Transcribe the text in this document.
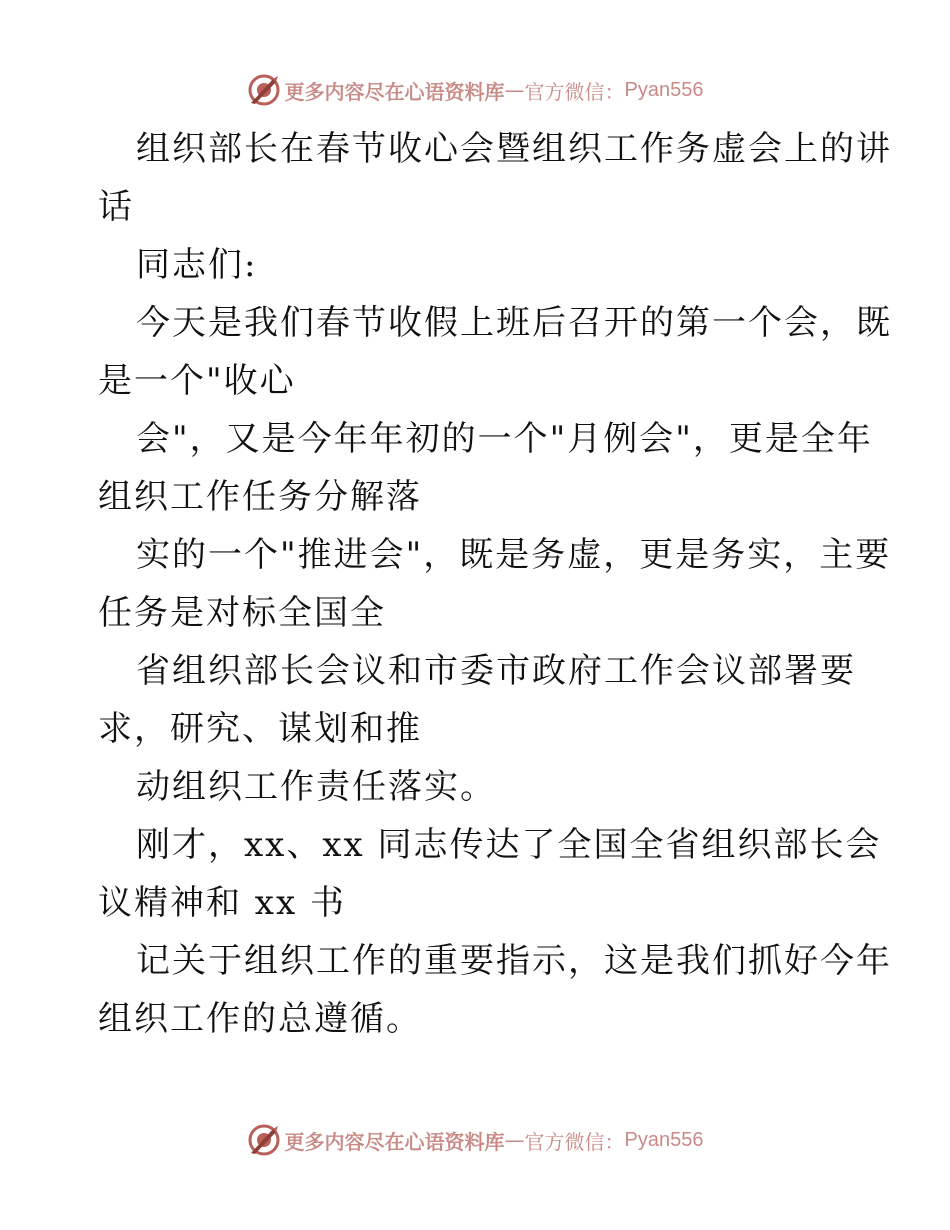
更多内容尽在心语资料库 — 官方微信： Pyan556
组织部长在春节收心会暨组织工作务虚会上的讲
话
同志们:
今天是我们春节收假上班后召开的第一个会，既
是一个"收心
会"，又是今年年初的一个"月例会"，更是全年
组织工作任务分解落
实的一个"推进会"，既是务虚，更是务实，主要
任务是对标全国全
省组织部长会议和市委市政府工作会议部署要
求，研究、谋划和推
动组织工作责任落实。
刚才，xx、xx 同志传达了全国全省组织部长会
议精神和 xx 书
记关于组织工作的重要指示，这是我们抓好今年
组织工作的总遵循。
更多内容尽在心语资料库 — 官方微信： Pyan556
